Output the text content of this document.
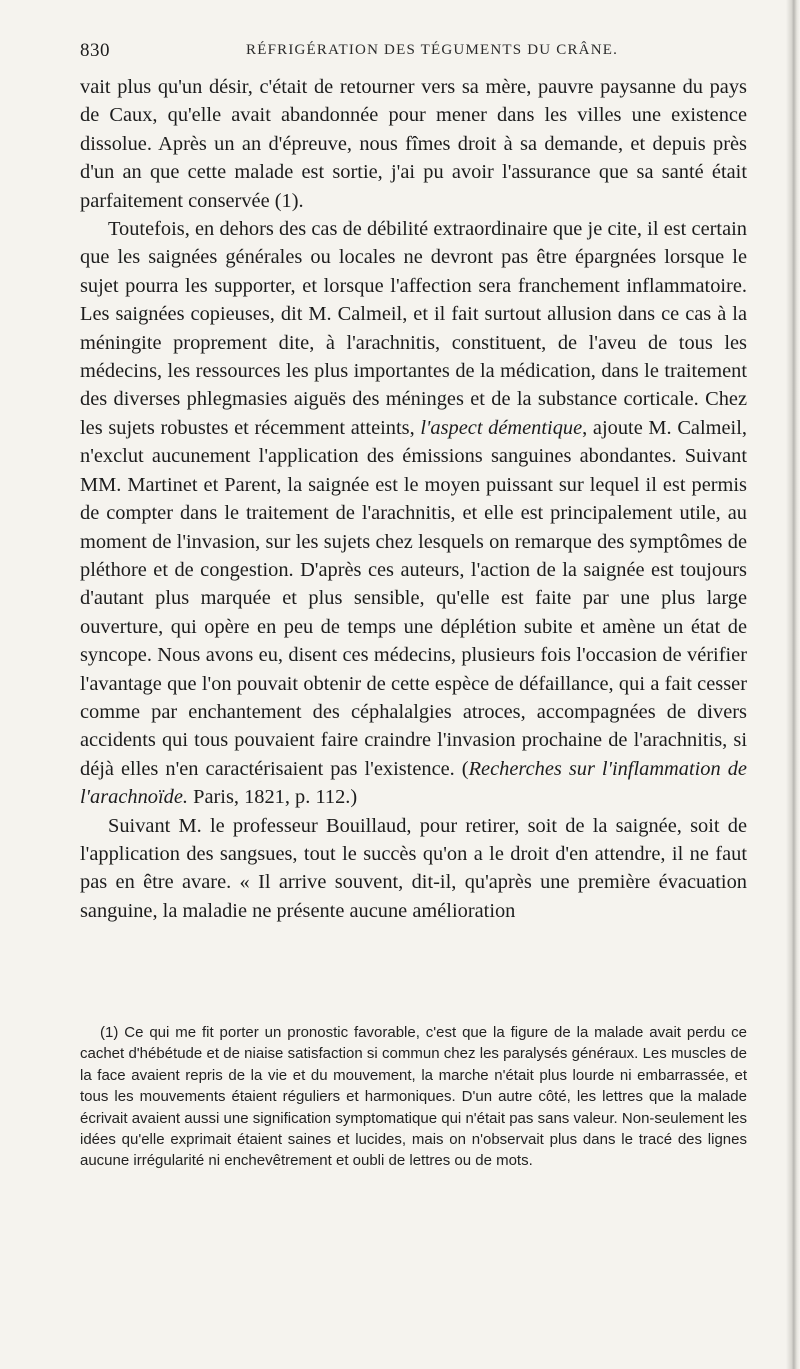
830	RÉFRIGÉRATION DES TÉGUMENTS DU CRÂNE.

vait plus qu'un désir, c'était de retourner vers sa mère, pauvre paysanne du pays de Caux, qu'elle avait abandonnée pour mener dans les villes une existence dissolue. Après un an d'épreuve, nous fîmes droit à sa demande, et depuis près d'un an que cette malade est sortie, j'ai pu avoir l'assurance que sa santé était parfaitement conservée (1).

Toutefois, en dehors des cas de débilité extraordinaire que je cite, il est certain que les saignées générales ou locales ne devront pas être épargnées lorsque le sujet pourra les supporter, et lorsque l'affection sera franchement inflammatoire. Les saignées copieuses, dit M. Calmeil, et il fait surtout allusion dans ce cas à la méningite proprement dite, à l'arachnitis, constituent, de l'aveu de tous les médecins, les ressources les plus importantes de la médication, dans le traitement des diverses phlegmasies aiguës des méninges et de la substance corticale. Chez les sujets robustes et récemment atteints, l'aspect démentique, ajoute M. Calmeil, n'exclut aucunement l'application des émissions sanguines abondantes. Suivant MM. Martinet et Parent, la saignée est le moyen puissant sur lequel il est permis de compter dans le traitement de l'arachnitis, et elle est principalement utile, au moment de l'invasion, sur les sujets chez lesquels on remarque des symptômes de pléthore et de congestion. D'après ces auteurs, l'action de la saignée est toujours d'autant plus marquée et plus sensible, qu'elle est faite par une plus large ouverture, qui opère en peu de temps une déplétion subite et amène un état de syncope. Nous avons eu, disent ces médecins, plusieurs fois l'occasion de vérifier l'avantage que l'on pouvait obtenir de cette espèce de défaillance, qui a fait cesser comme par enchantement des céphalalgies atroces, accompagnées de divers accidents qui tous pouvaient faire craindre l'invasion prochaine de l'arachnitis, si déjà elles n'en caractérisaient pas l'existence. (Recherches sur l'inflammation de l'arachnoïde. Paris, 1821, p. 112.)

Suivant M. le professeur Bouillaud, pour retirer, soit de la saignée, soit de l'application des sangsues, tout le succès qu'on a le droit d'en attendre, il ne faut pas en être avare. « Il arrive souvent, dit-il, qu'après une première évacuation sanguine, la maladie ne présente aucune amélioration

(1) Ce qui me fit porter un pronostic favorable, c'est que la figure de la malade avait perdu ce cachet d'hébétude et de niaise satisfaction si commun chez les paralysés généraux. Les muscles de la face avaient repris de la vie et du mouvement, la marche n'était plus lourde ni embarrassée, et tous les mouvements étaient réguliers et harmoniques. D'un autre côté, les lettres que la malade écrivait avaient aussi une signification symptomatique qui n'était pas sans valeur. Non-seulement les idées qu'elle exprimait étaient saines et lucides, mais on n'observait plus dans le tracé des lignes aucune irrégularité ni enchevêtrement et oubli de lettres ou de mots.
